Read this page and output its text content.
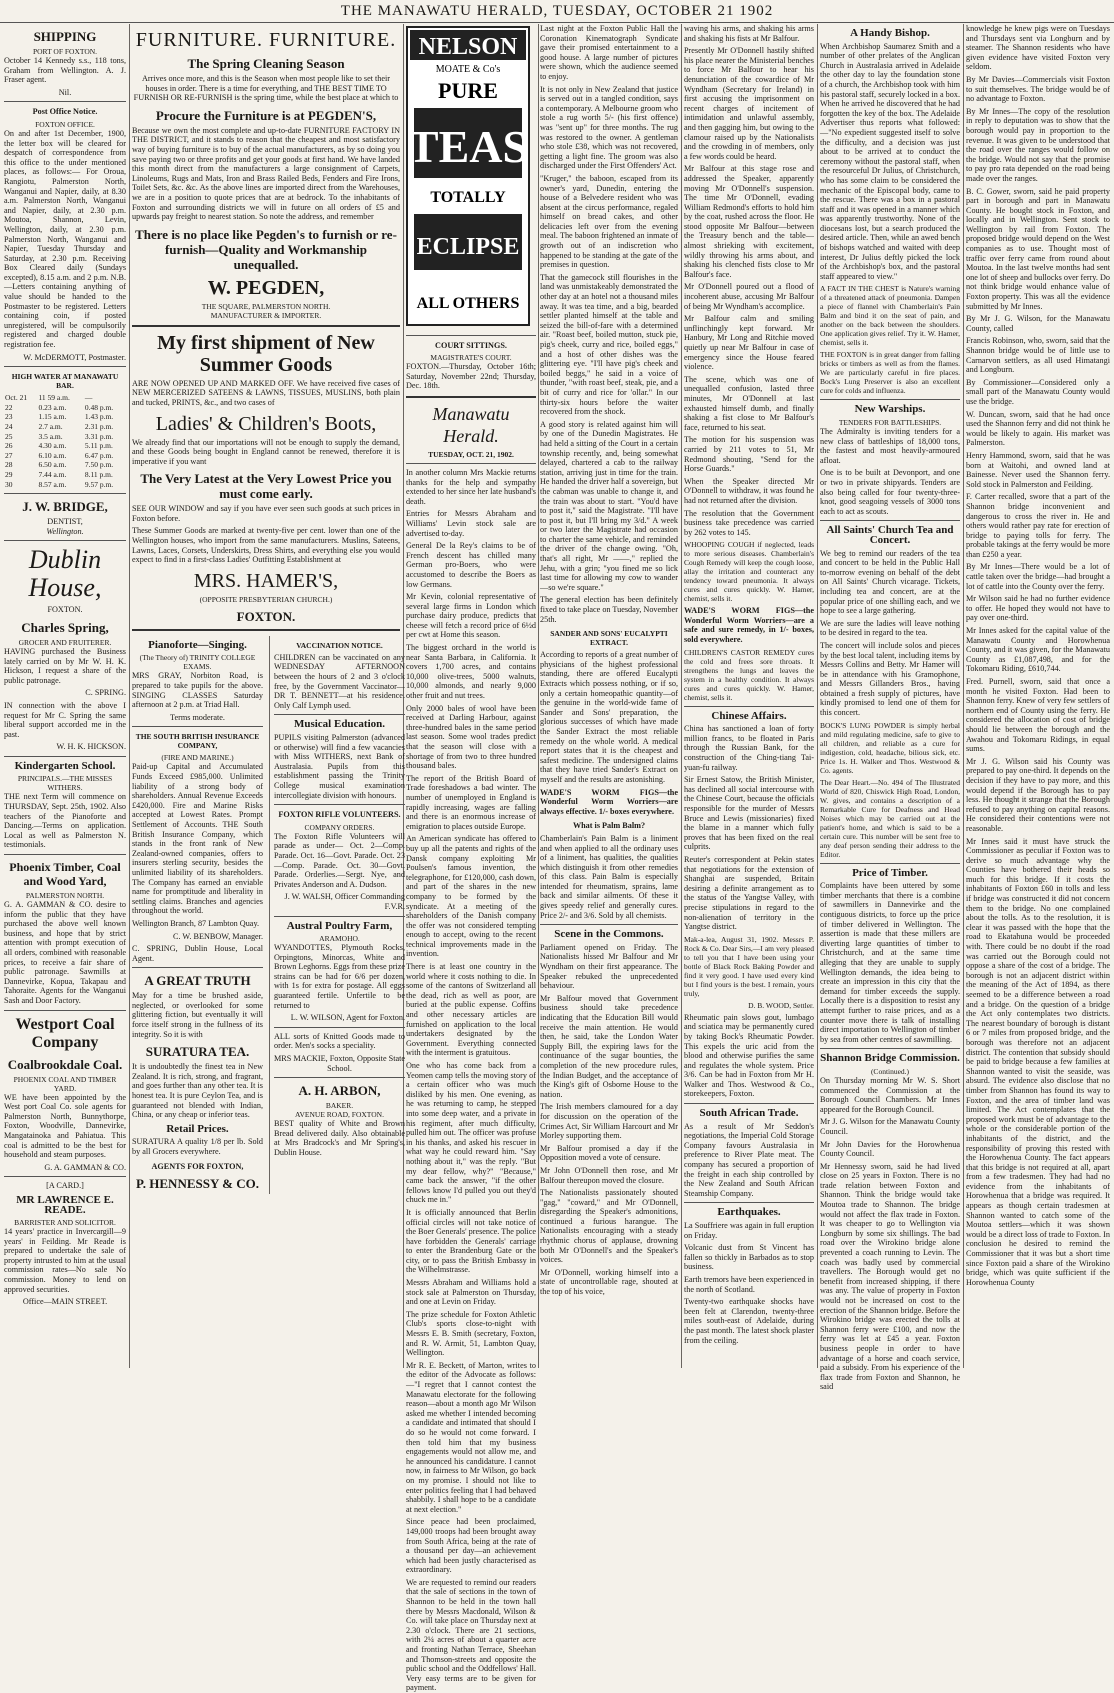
THE MANAWATU HERALD, TUESDAY, OCTOBER 21 1902
SHIPPING
PORT OF FOXTON.

October 14 Kennedy s.s., 118 tons, Graham from Wellington. A. J. Fraser agent.

Nil.

Post Office Notice.
FOXTON OFFICE.

On and after 1st December, 1900, the letter box will be cleared for despatch of correspondence from this office to the under mentioned places, as follows:— For Oroua, Rangiotu, Palmerston North, Wanganui and Napier, daily, at 8.30 a.m. Palmerston North, Wanganui and Napier, daily, at 2.30 p.m. Moutoa, Shannon, Levin, Wellington, daily, at 2.30 p.m. Palmerston North, Wanganui and Napier, Tuesday Thursday and Saturday, at 2.30 p.m. Receiving Box Cleared daily (Sundays excepted), 8.15 a.m. and 2 p.m. N.B.—Letters containing anything of value should be handed to the Postmaster to be registered. Letters containing coin, if posted unregistered, will be compulsorily registered and charged double registration fee.

W. McDERMOTT, Postmaster.

HIGH WATER AT MANAWATU BAR.
Oct. 21	11 59 a.m.	—
22	0.23 a.m.	0.48 p.m.
23	1.15 a.m.	1.43 p.m.
24	2.7 a.m.	2.31 p.m.
25	3.5 a.m.	3.31 p.m.
26	4.30 a.m.	5.11 p.m.
27	6.10 a.m.	6.47 p.m.
28	6.50 a.m.	7.50 p.m.
29	7.44 a.m.	8.11 p.m.
30	8.57 a.m.	9.57 p.m.
J. W. BRIDGE,
DENTIST,
Wellington.
Dublin House,
FOXTON.
Charles Spring,
GROCER AND FRUITERER.

HAVING purchased the Business lately carried on by Mr W. H. K. Hickson, I request a share of the public patronage.

C. SPRING.

IN connection with the above I request for Mr C. Spring the same liberal support accorded me in the past.

W. H. K. HICKSON.

Kindergarten School.
PRINCIPALS.—THE MISSES WITHERS.

THE next Term will commence on THURSDAY, Sept. 25th, 1902. Also teachers of the Pianoforte and Dancing.—Terms on application. Local as well as Palmerston N. testimonials.

Phoenix Timber, Coal and Wood Yard,
PALMERSTON NORTH.

G. A. GAMMAN & CO. desire to inform the public that they have purchased the above well known business, and hope that by strict attention with prompt execution of all orders, combined with reasonable prices, to receive a fair share of public patronage. Sawmills at Dannevirke, Kopua, Takapau and Tahoraite. Agents for the Wanganui Sash and Door Factory.

Westport Coal Company
Coalbrookdale Coal.
PHOENIX COAL AND TIMBER YARD.

WE have been appointed by the West port Coal Co. sole agents for Palmerston North, Bunnythorpe, Foxton, Woodville, Dannevirke, Mangatainoka and Pahiatua. This coal is admitted to be the best for household and steam purposes.

G. A. GAMMAN & CO.

[A CARD.]
MR LAWRENCE E. READE.
BARRISTER AND SOLICITOR.

14 years' practice in Invercargill—9 years' in Feilding. Mr Reade is prepared to undertake the sale of property intrusted to him at the usual commission rates—No sale No commission. Money to lend on approved securities.

Office—MAIN STREET.

FURNITURE. FURNITURE.
The Spring Cleaning Season

Arrives once more, and this is the Season when most people like to set their houses in order. There is a time for everything, and THE BEST TIME TO FURNISH OR RE-FURNISH is the spring time, while the best place at which to

Procure the Furniture is at PEGDEN'S,

Because we own the most complete and up-to-date FURNITURE FACTORY IN THE DISTRICT, and it stands to reason that the cheapest and most satisfactory way of buying furniture is to buy of the actual manufacturers, as by so doing you save paying two or three profits and get your goods at first hand. We have landed this month direct from the manufacturers a large consignment of Carpets, Linoleums, Rugs and Mats, Iron and Brass Railed Beds, Fenders and Fire Irons, Toilet Sets, &c. &c. As the above lines are imported direct from the Warehouses, we are in a position to quote prices that are at bedrock. To the inhabitants of Foxton and surrounding districts we will in future on all orders of £5 and upwards pay freight to nearest station. So note the address, and remember

There is no place like Pegden's to furnish or re-furnish—Quality and Workmanship unequalled.
W. PEGDEN,
THE SQUARE, PALMERSTON NORTH.
MANUFACTURER & IMPORTER.
My first shipment of New Summer Goods

ARE NOW OPENED UP AND MARKED OFF. We have received five cases of NEW MERCERIZED SATEENS & LAWNS, TISSUES, MUSLINS, both plain and tucked, PRINTS, &c., and two cases of

Ladies' & Children's Boots,

We already find that our importations will not be enough to supply the demand, and these Goods being bought in England cannot be renewed, therefore it is imperative if you want

The Very Latest at the Very Lowest Price you must come early.

SEE OUR WINDOW and say if you have ever seen such goods at such prices in Foxton before.

These Summer Goods are marked at twenty-five per cent. lower than one of the Wellington houses, who import from the same manufacturers. Muslins, Sateens, Lawns, Laces, Corsets, Underskirts, Dress Shirts, and everything else you would expect to find in a first-class Ladies' Outfitting Establishment at

MRS. HAMER'S,
(OPPOSITE PRESBYTERIAN CHURCH.)
FOXTON.
Pianoforte—Singing.
(The Theory of) TRINITY COLLEGE EXAMS.

MRS GRAY, Norbiton Road, is prepared to take pupils for the above. SINGING CLASSES Saturday afternoon at 2 p.m. at Triad Hall.

Terms moderate.

THE SOUTH BRITISH INSURANCE COMPANY,
(FIRE AND MARINE.)

Paid-up Capital and Accumulated Funds Exceed £985,000. Unlimited liability of a strong body of shareholders. Annual Revenue Exceeds £420,000. Fire and Marine Risks accepted at Lowest Rates. Prompt Settlement of Accounts. THE South British Insurance Company, which stands in the front rank of New Zealand-owned companies, offers to insurers sterling security, besides the unlimited liability of its shareholders. The Company has earned an enviable name for promptitude and liberality in settling claims. Branches and agencies throughout the world.

Wellington Branch, 87 Lambton Quay.

C. W. BENBOW, Manager.

C. SPRING, Dublin House, Local Agent.

A GREAT TRUTH

May for a time be brushed aside, neglected, or overlooked for some glittering fiction, but eventually it will force itself strong in the fullness of its integrity. So it is with

SURATURA TEA.

It is undoubtedly the finest tea in New Zealand. It is rich, strong, and fragrant, and goes further than any other tea. It is honest tea. It is pure Ceylon Tea, and is guaranteed not blended with Indian, China, or any cheap or inferior teas.

Retail Prices.

SURATURA A quality 1/8 per lb. Sold by all Grocers everywhere.

AGENTS FOR FOXTON,
P. HENNESSY & CO.
VACCINATION NOTICE.

CHILDREN can be vaccinated on any WEDNESDAY AFTERNOON between the hours of 2 and 3 o'clock free, by the Government Vaccinator—DR T. BENNETT—at his residence. Only Calf Lymph used.

Musical Education.

PUPILS visiting Palmerston (advanced or otherwise) will find a few vacancies with Miss WITHERS, next Bank of Australasia. Pupils from this establishment passing the Trinity College musical examination intercollegiate division with honours.

FOXTON RIFLE VOLUNTEERS.
COMPANY ORDERS.

The Foxton Rifle Volunteers will parade as under— Oct. 2—Comp. Parade. Oct. 16—Govt. Parade. Oct. 23—Comp. Parade. Oct. 30—Govt. Parade. Orderlies.—Sergt. Nye, and Privates Anderson and A. Dudson.

J. W. WALSH, Officer Commanding F.V.R.

Austral Poultry Farm,
ARAMOHO.

WYANDOTTES, Plymouth Rocks, Orpingtons, Minorcas, White and Brown Leghorns. Eggs from these prize strains can be had for 6/6 per dozen, with 1s for extra for postage. All eggs guaranteed fertile. Unfertile to be returned to

L. W. WILSON, Agent for Foxton.

ALL sorts of Knitted Goods made to order. Men's socks a speciality.

MRS MACKIE, Foxton, Opposite State School.

A. H. ARBON,
BAKER.
AVENUE ROAD, FOXTON.

BEST quality of White and Brown Bread delivered daily. Also obtainable at Mrs Bradcock's and Mr Spring's, Dublin House.

NELSON
MOATE & Co's
PURE
TEAS
TOTALLY
ECLIPSE
ALL OTHERS
COURT SITTINGS.
MAGISTRATE'S COURT.

FOXTON.—Thursday, October 16th; Saturday, November 22nd; Thursday, Dec. 18th.

Manawatu Herald.
TUESDAY, OCT. 21, 1902.

In another column Mrs Mackie returns thanks for the help and sympathy extended to her since her late husband's death.

Entries for Messrs Abraham and Williams' Levin stock sale are advertised to-day.

General De la Rey's claims to be of French descent has chilled many German pro-Boers, who were accustomed to describe the Boers as low Germans.

Mr Kevin, colonial representative of several large firms in London which purchase dairy produce, predicts that cheese will fetch a record price of 6½d per cwt at Home this season.

The biggest orchard in the world is near Santa Barbara, in California. It covers 1,700 acres, and contains 10,000 olive-trees, 5000 walnuts, 10,000 almonds, and nearly 9,000 other fruit and nut trees.

Only 2000 bales of wool have been received at Darling Harbour, against three-hundred bales in the same period last season. Some wool trades predict that the season will close with a shortage of from two to three hundred thousand bales.

The report of the British Board of Trade foreshadows a bad winter. The number of unemployed in England is rapidly increasing, wages are falling and there is an enormous increase of emigration to places outside Europe.

An American syndicate has offered to buy up all the patents and rights of the Dansk company exploiting Mr Poulsen's famous invention, the telegraphone, for £120,000, cash down, and part of the shares in the new company to be formed by the syndicate. At a meeting of the shareholders of the Danish company the offer was not considered tempting enough to accept, owing to the recent technical improvements made in the invention.

There is at least one country in the world where it costs nothing to die. In some of the cantons of Switzerland all the dead, rich as well as poor, are buried at the public expense. Coffins and other necessary articles are furnished on application to the local undertakers designated by the Government. Everything connected with the interment is gratuitous.

One who has come back from a Yeomen camp tells the moving story of a certain officer who was much disliked by his men. One evening, as he was returning to camp, he stepped into some deep water, and a private in his regiment, after much difficulty, pulled him out. The officer was profuse in his thanks, and asked his rescuer in what way he could reward him. "Say nothing about it," was the reply. "But my dear fellow, why?" "Because," came back the answer, "if the other fellows know I'd pulled you out they'd chuck me in."

It is officially announced that Berlin official circles will not take notice of the Boer Generals' presence. The police have forbidden the Generals' carriage to enter the Brandenburg Gate or the city, or to pass the British Embassy in the Wilhelmstrasse.

Messrs Abraham and Williams hold a stock sale at Palmerston on Thursday, and one at Levin on Friday.

The prize schedule for Foxton Athletic Club's sports close-to-night with Messrs E. B. Smith (secretary, Foxton, and R. W. Armit, 51, Lambton Quay, Wellington.

Mr R. E. Beckett, of Marton, writes to the editor of the Advocate as follows:—"I regret that I cannot contest the Manawatu electorate for the following reason—about a month ago Mr Wilson asked me whether I intended becoming a candidate and intimated that should I do so he would not come forward. I then told him that my business engagements would not allow me, and he announced his candidature. I cannot now, in fairness to Mr Wilson, go back on my promise. I should not like to enter politics feeling that I had behaved shabbily. I shall hope to be a candidate at next election."

Since peace had been proclaimed, 149,000 troops had been brought away from South Africa, being at the rate of a thousand per day—an achievement which had been justly characterised as extraordinary.

We are requested to remind our readers that the sale of sections in the town of Shannon to be held in the town hall there by Messrs Macdonald, Wilson & Co. will take place on Thursday next at 2.30 o'clock. There are 21 sections, with 2¼ acres of about a quarter acre and fronting Nathan Terrace, Sheehan and Thomson-streets and opposite the public school and the Oddfellows' Hall. Very easy terms are to be given for payment.

Last night at the Foxton Public Hall the Coronation Kinematograph Syndicate gave their promised entertainment to a good house. A large number of pictures were shown, which the audience seemed to enjoy.

It is not only in New Zealand that justice is served out in a tangled condition, says a contemporary. A Melbourne groom who stole a rug worth 5/- (his first offence) was "sent up" for three months. The rug was restored to the owner. A gentleman who stole £38, which was not recovered, getting a light fine. The groom was also discharged under the First Offenders' Act.

"Kruger," the baboon, escaped from its owner's yard, Dunedin, entering the house of a Belvedere resident who was absent at the circus performance, regaled himself on bread cakes, and other delicacies left over from the evening meal. The baboon frightened an inmate of growth out of an indiscretion who happened to be standing at the gate of the premises in question.

That the gamecock still flourishes in the land was unmistakeably demonstrated the other day at an hotel not a thousand miles away. It was tea time, and a big, bearded settler planted himself at the table and seized the bill-of-fare with a determined air. "Roast beef, boiled mutton, stuck pie, pig's cheek, curry and rice, boiled eggs," and a host of other dishes was the glittering eye. "I'll have pig's cheek and boiled beggs," he said in a voice of thunder, "with roast beef, steak, pie, and a bit of curry and rice for 'ollar." In our thirty-six hours before the waiter recovered from the shock.

A good story is related against him will by one of the Dunedin Magistrates. He had held a sitting of the Court in a certain township recently, and, being somewhat delayed, chartered a cab to the railway station, arriving just in time for the train. He handed the driver half a sovereign, but the cabman was unable to change it, and the train was about to start. "You'd have to post it," said the Magistrate. "I'll have to post it, but I'll bring my 3/d." A week or two later the Magistrate had occasion to charter the same vehicle, and reminded the driver of the change owing. "Oh, that's all right, Mr ——," replied the Jehu, with a grin; "you fined me so lick last time for allowing my cow to wander—so we're square."

The general election has been definitely fixed to take place on Tuesday, November 25th.

SANDER AND SONS' EUCALYPTI EXTRACT.

According to reports of a great number of physicians of the highest professional standing, there are offered Eucalypti Extracts which possess nothing, or if so, only a certain homeopathic quantity—of the genuine in the world-wide fame of Sander and Sons' preparation, the glorious successes of which have made the Sander Extract the most reliable remedy on the whole world. A medical report states that it is the cheapest and safest medicine. The undersigned claims that they have tried Sander's Extract on myself and the results are astonishing.

WADE'S WORM FIGS—the Wonderful Worm Worriers—are always effective. 1/- boxes everywhere.

What is Palm Balm?

Chamberlain's Pain Balm is a liniment and when applied to all the ordinary uses of a liniment, has qualities, the qualities which distinguish it from other remedies of this class. Pain Balm is especially intended for rheumatism, sprains, lame back and similar ailments. Of these it gives speedy relief and generally cures. Price 2/- and 3/6. Sold by all chemists.

Scene in the Commons.

Parliament opened on Friday. The Nationalists hissed Mr Balfour and Mr Wyndham on their first appearance. The Speaker rebuked the unprecedented behaviour.

Mr Balfour moved that Government business should take precedence indicating that the Education Bill would receive the main attention. He would then, he said, take the London Water Supply Bill, the expiring laws for the continuance of the sugar bounties, the completion of the new procedure rules, the Indian Budget, and the acceptance of the King's gift of Osborne House to the nation.

The Irish members clamoured for a day for discussion on the operation of the Crimes Act, Sir William Harcourt and Mr Morley supporting them.

Mr Balfour promised a day if the Opposition moved a vote of censure.

Mr John O'Donnell then rose, and Mr Balfour thereupon moved the closure.

The Nationalists passionately shouted "gag," "coward," and Mr O'Donnell, disregarding the Speaker's admonitions, continued a furious harangue. The Nationalists encouraging with a steady rhythmic chorus of applause, drowning both Mr O'Donnell's and the Speaker's voices.

Mr O'Donnell, working himself into a state of uncontrollable rage, shouted at the top of his voice,

waving his arms, and shaking his arms and shaking his fists at Mr Balfour.

Presently Mr O'Donnell hastily shifted his place nearer the Ministerial benches to force Mr Balfour to hear his denunciation of the cowardice of Mr Wyndham (Secretary for Ireland) in first accusing the imprisonment on recent charges of incitement of intimidation and unlawful assembly, and then gagging him, but owing to the clamour raised up by the Nationalists and the crowding in of members, only a few words could be heard.

Mr Balfour at this stage rose and addressed the Speaker, apparently moving Mr O'Donnell's suspension. The time Mr O'Donnell, evading William Redmond's efforts to hold him by the coat, rushed across the floor. He stood opposite Mr Balfour—between the Treasury bench and the table—almost shrieking with excitement, wildly throwing his arms about, and shaking his clenched fists close to Mr Balfour's face.

Mr O'Donnell poured out a flood of incoherent abuse, accusing Mr Balfour of being Mr Wyndham's accomplice.

Mr Balfour calm and smiling unflinchingly kept forward. Mr Hanbury, Mr Long and Ritchie moved quietly up near Mr Balfour in case of emergency since the House feared violence.

The scene, which was one of unequalled confusion, lasted three minutes, Mr O'Donnell at last exhausted himself dumb, and finally shaking a fist close to Mr Balfour's face, returned to his seat.

The motion for his suspension was carried by 211 votes to 51, Mr Redmond shouting, "Send for the Horse Guards."

When the Speaker directed Mr O'Donnell to withdraw, it was found he had not returned after the division.

The resolution that the Government business take precedence was carried by 262 votes to 145.

WHOOPING COUGH if neglected, leads to more serious diseases. Chamberlain's Cough Remedy will keep the cough loose, allay the irritation and counteract any tendency toward pneumonia. It always cures and cures quickly. W. Hamer, chemist, sells it.

WADE'S WORM FIGS—the Wonderful Worm Worriers—are a safe and sure remedy, in 1/- boxes, sold everywhere.

CHILDREN'S CASTOR REMEDY cures the cold and frees sore throats. It strengthens the lungs and leaves the system in a healthy condition. It always cures and cures quickly. W. Hamer, chemist, sells it.

Chinese Affairs.

China has sanctioned a loan of forty million francs, to be floated in Paris through the Russian Bank, for the construction of the Ching-tiang Tai-yuan-fu railway.

Sir Ernest Satow, the British Minister, has declined all social intercourse with the Chinese Court, because the officials responsible for the murder of Messrs Bruce and Lewis (missionaries) fixed the blame in a manner which fully proves that has been fixed on the real culprits.

Reuter's correspondent at Pekin states that negotiations for the extension of Shanghai are suspended, Britain desiring a definite arrangement as to the status of the Yangtse Valley, with precise stipulations in regard to the non-alienation of territory in the Yangtse district.

Mak-a-lea, August 31, 1902. Messrs P. Rock & Co. Dear Sirs,—I am very pleased to tell you that I have been using your bottle of Black Rock Baking Powder and find it very good. I have used every kind but I find yours is the best. I remain, yours truly,

D. B. WOOD, Settler.

Rheumatic pain slows gout, lumbago and sciatica may be permanently cured by taking Bock's Rheumatic Powder. This expels the uric acid from the blood and otherwise purifies the same and regulates the whole system. Price 3/6. Can be had in Foxton from Mr H. Walker and Thos. Westwood & Co., storekeepers, Foxton.

South African Trade.

As a result of Mr Seddon's negotiations, the Imperial Cold Storage Company favours Australasia in preference to River Plate meat. The company has secured a proportion of the freight in each ship controlled by the New Zealand and South African Steamship Company.

Earthquakes.

La Souffriere was again in full eruption on Friday.

Volcanic dust from St Vincent has fallen so thickly in Barbados as to stop business.

Earth tremors have been experienced in the north of Scotland.

Twenty-two earthquake shocks have been felt at Clarendon, twenty-three miles south-east of Adelaide, during the past month. The latest shock plaster from the ceiling.

A Handy Bishop.

When Archbishop Saumarez Smith and a number of other prelates of the Anglican Church in Australasia arrived in Adelaide the other day to lay the foundation stone of a church, the Archbishop took with him his pastoral staff, securely locked in a box. When he arrived he discovered that he had forgotten the key of the box. The Adelaide Advertiser thus reports what followed:—"No expedient suggested itself to solve the difficulty, and a decision was just about to be arrived at to conduct the ceremony without the pastoral staff, when the resourceful Dr Julius, of Christchurch, who has some claim to be considered the mechanic of the Episcopal body, came to the rescue. There was a box in a pastoral staff and it was opened in a manner which was apparently trustworthy. None of the diocesans lost, but a search produced the desired article. Then, while an awed bench of bishops watched and waited with deep interest, Dr Julius deftly picked the lock of the Archbishop's box, and the pastoral staff appeared to view."

A FACT IN THE CHEST is Nature's warning of a threatened attack of pneumonia. Dampen a piece of flannel with Chamberlain's Pain Balm and bind it on the seat of pain, and another on the back between the shoulders. One application gives relief. Try it. W. Hamer, chemist, sells it.

THE FOXTON is in great danger from falling bricks or timbers as well as from the flames. We are particularly careful in fire places. Bock's Lung Preserver is also an excellent cure for colds and influenza.

New Warships.
TENDERS FOR BATTLESHIPS.

The Admiralty is inviting tenders for a new class of battleships of 18,000 tons, the fastest and most heavily-armoured afloat.

One is to be built at Devonport, and one or two in private shipyards. Tenders are also being called for four twenty-three-knot, good seagoing vessels of 3000 tons each to act as scouts.

All Saints' Church Tea and Concert.

We beg to remind our readers of the tea and concert to be held in the Public Hall to-morrow evening on behalf of the debt on All Saints' Church vicarage. Tickets, including tea and concert, are at the popular price of one shilling each, and we hope to see a large gathering.

We are sure the ladies will leave nothing to be desired in regard to the tea.

The concert will include solos and pieces by the best local talent, including items by Messrs Collins and Betty. Mr Hamer will be in attendance with his Gramophone, and Messrs Gillanders Bros., having obtained a fresh supply of pictures, have kindly promised to lend one of them for this concert.

BOCK'S LUNG POWDER is simply herbal and mild regulating medicine, safe to give to all children, and reliable as a cure for indigestion, cold, headache, bilious sick, etc. Price 1s. H. Walker and Thos. Westwood & Co. agents.

The Dear Heart.—No. 494 of The Illustrated World of 820, Chiswick High Road, London, W. gives, and contains a description of a Remarkable Cure for Deafness and Head Noises which may be carried out at the patient's home, and which is said to be a certain cure. This number will be sent free to any deaf person sending their address to the Editor.

Price of Timber.

Complaints have been uttered by some timber merchants that there is a combine of sawmillers in Dannevirke and the contiguous districts, to force up the price of timber delivered in Wellington. The assertion is made that these millers are diverting large quantities of timber to Christchurch, and at the same time alleging that they are unable to supply Wellington demands, the idea being to create an impression in this city that the demand for timber exceeds the supply. Locally there is a disposition to resist any attempt further to raise prices, and as a counter move there is talk of installing direct importation to Wellington of timber by sea from other centres of sawmilling.

Shannon Bridge Commission.
(Continued.)

On Thursday morning Mr W. S. Short commenced the Commission at the Borough Council Chambers. Mr Innes appeared for the Borough Council.

Mr J. G. Wilson for the Manawatu County Council.

Mr John Davies for the Horowhenua County Council.

Mr Hennessy sworn, said he had lived close on 25 years in Foxton. There is no trade relation between Foxton and Shannon. Think the bridge would take Moutoa trade to Shannon. The bridge would not affect the flax trade in Foxton. It was cheaper to go to Wellington via Longburn by some six shillings. The bad road over the Wirokino bridge alone prevented a coach running to Levin. The coach was badly used by commercial travellers. The Borough would get no benefit from increased shipping, if there was any. The value of property in Foxton would not be increased on cost to the erection of the Shannon bridge. Before the Wirokino bridge was erected the tolls at Shannon ferry were £100, and now the ferry was let at £45 a year. Foxton business people in order to have advantage of a horse and coach service, paid a subsidy. From his experience of the flax trade from Foxton and Shannon, he said

knowledge he knew pigs were on Tuesdays and Thursdays sent via Longburn and by steamer. The Shannon residents who have given evidence have visited Foxton very seldom.

By Mr Davies—Commercials visit Foxton to suit themselves. The bridge would be of no advantage to Foxton.

By Mr Innes—The copy of the resolution in reply to deputation was to show that the borough would pay in proportion to the revenue. It was given to be understood that the road over the ranges would follow on the bridge. Would not say that the promise to pay pro rata depended on the road being made over the ranges.

B. C. Gower, sworn, said he paid property part in borough and part in Manawatu County. He bought stock in Foxton, and locally and in Wellington. Sent stock to Wellington by rail from Foxton. The proposed bridge would depend on the West companies as to use. Thought most of traffic over ferry came from round about Moutoa. In the last twelve months had sent one lot of sheep and bullocks over ferry. Do not think bridge would enhance value of Foxton property. This was all the evidence submitted by Mr Innes.

By Mr J. G. Wilson, for the Manawatu County, called

Francis Robinson, who, sworn, said that the Shannon bridge would be of little use to Carnarvon settlers, as all used Himatangi and Longburn.

By Commissioner—Considered only a small part of the Manawatu County would use the bridge.

W. Duncan, sworn, said that he had once used the Shannon ferry and did not think he would be likely to again. His market was Palmerston.

Henry Hammond, sworn, said that he was born at Waitohi, and owned land at Bainesse. Never used the Shannon ferry. Sold stock in Palmerston and Feilding.

F. Carter recalled, swore that a part of the Shannon bridge inconvenient and dangerous to cross the river in. He and others would rather pay rate for erection of bridge to paying tolls for ferry. The probable takings at the ferry would be more than £250 a year.

By Mr Innes—There would be a lot of cattle taken over the bridge—had brought a lot of cattle into the County over the ferry.

Mr Wilson said he had no further evidence to offer. He hoped they would not have to pay over one-third.

Mr Innes asked for the capital value of the Manawatu County and Horowhenua County, and it was given, for the Manawatu County as £1,087,498, and for the Tokomaru Riding, £610,744.

Fred. Purnell, sworn, said that once a month he visited Foxton. Had been to Shannon ferry. Knew of very few settlers of northern end of County using the ferry. He considered the allocation of cost of bridge should lie between the borough and the Awahou and Tokomaru Ridings, in equal sums.

Mr J. G. Wilson said his County was prepared to pay one-third. It depends on the decision if they have to pay more, and this would depend if the Borough has to pay less. He thought it strange that the Borough refused to pay anything on capital reasons. He considered their contentions were not reasonable.

Mr Innes said it must have struck the Commissioner as peculiar if Foxton was to derive so much advantage why the Counties have bothered their heads so much for this bridge. If it costs the inhabitants of Foxton £60 in tolls and less if bridge was constructed it did not concern them to the bridge. No one complained about the tolls. As to the resolution, it is clear it was passed with the hope that the road to Ekatahuna would be proceeded with. There could be no doubt if the road was carried out the Borough could not oppose a share of the cost of a bridge. The borough is not an adjacent district within the meaning of the Act of 1894, as there seemed to be a difference between a road and a bridge. On the question of a bridge the Act only contemplates two districts. The nearest boundary of borough is distant 6 or 7 miles from proposed bridge, and the borough was therefore not an adjacent district. The contention that subsidy should be paid to bridge because a few families at Shannon wanted to visit the seaside, was absurd. The evidence also disclose that no timber from Shannon has found its way to Foxton, and the area of timber land was limited. The Act contemplates that the proposed work must be of advantage to the whole or the considerable portion of the inhabitants of the district, and the responsibility of proving this rested with the Horowhenua County. The fact appears that this bridge is not required at all, apart from a few tradesmen. They had had no evidence from the inhabitants of Horowhenua that a bridge was required. It appears as though certain tradesmen at Shannon wanted to catch some of the Moutoa settlers—which it was shown would be a direct loss of trade to Foxton. In conclusion he desired to remind the Commissioner that it was but a short time since Foxton paid a share of the Wirokino bridge, which was quite sufficient if the Horowhenua County
